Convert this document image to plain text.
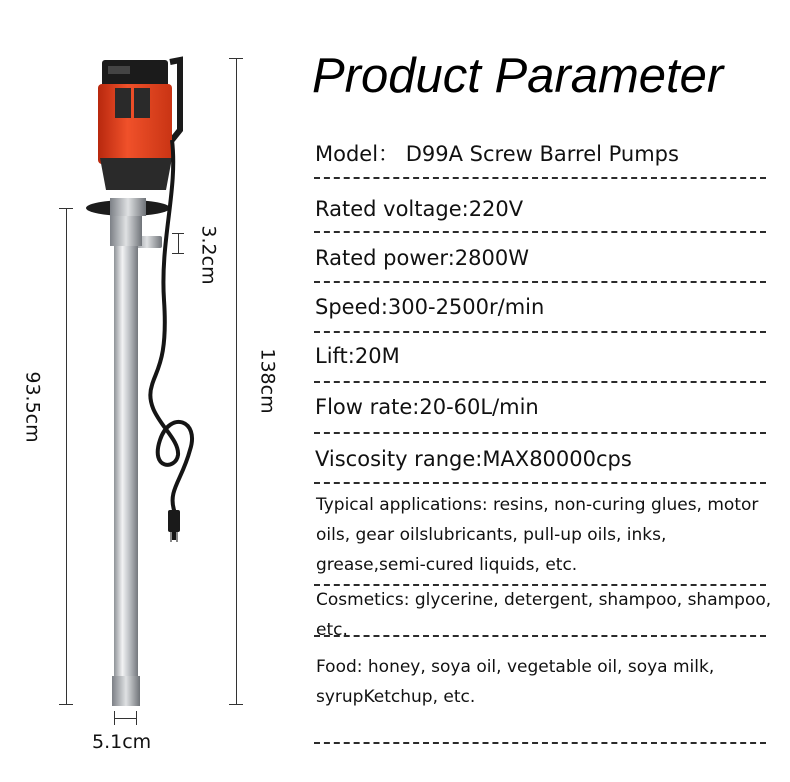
Product Parameter
Model： D99A Screw Barrel Pumps
Rated voltage:220V
Rated power:2800W
Speed:300-2500r/min
Lift:20M
Flow rate:20-60L/min
Viscosity range:MAX80000cps
Typical applications: resins, non-curing glues, motor oils, gear oilslubricants, pull-up oils, inks, grease,semi-cured liquids, etc.
Cosmetics: glycerine, detergent, shampoo, shampoo, etc.
Food: honey, soya oil, vegetable oil, soya milk, syrupKetchup, etc.
138cm
93.5cm
3.2cm
5.1cm
